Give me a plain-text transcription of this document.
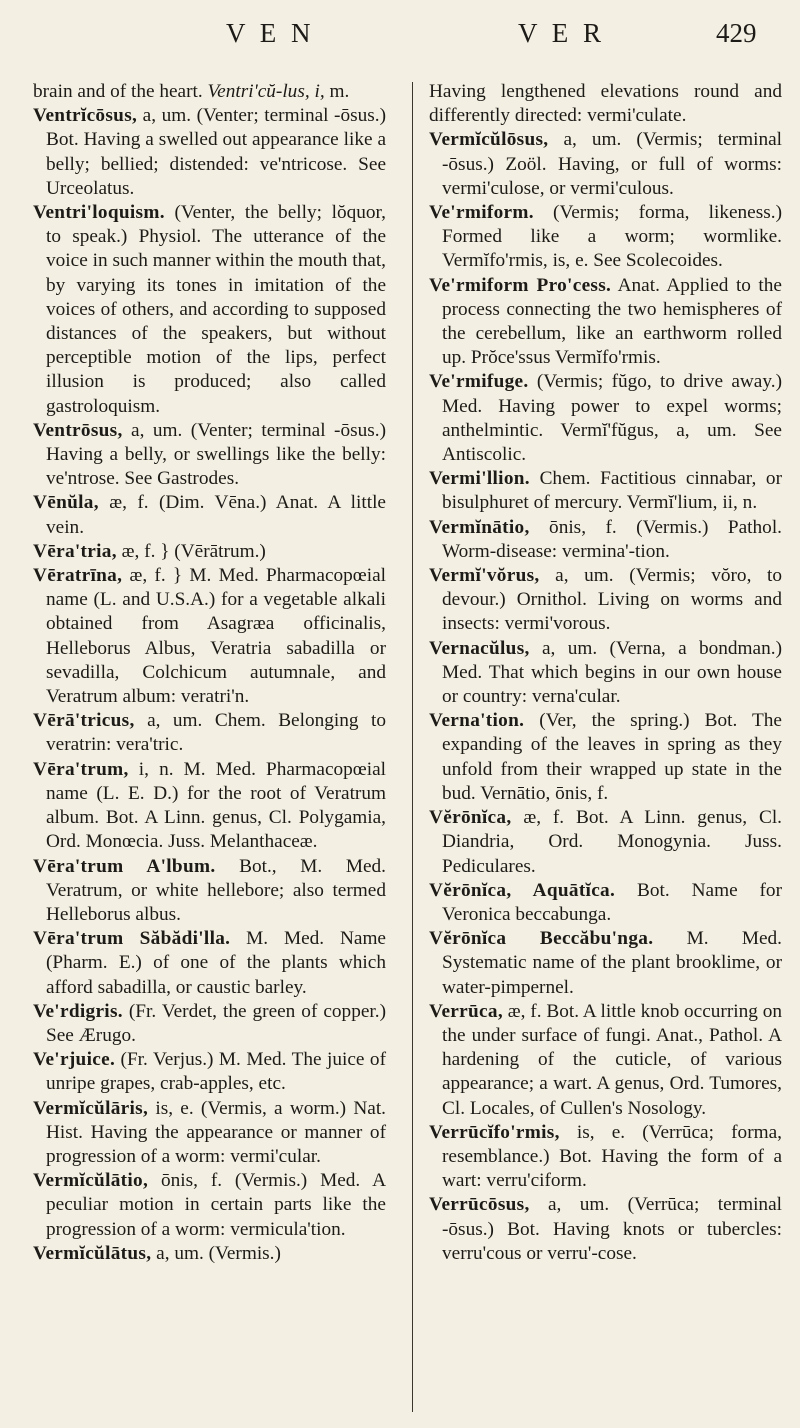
V E N	V E R	429

brain and of the heart. Ventri'cŭ-lus, i, m.

Ventrĭcōsus, a, um. (Venter; terminal -ōsus.) Bot. Having a swelled out appearance like a belly; bellied; distended: ve'ntricose. See Urceolatus.

Ventri'loquism. (Venter, the belly; lŏquor, to speak.) Physiol. The utterance of the voice in such manner within the mouth that, by varying its tones in imitation of the voices of others, and according to supposed distances of the speakers, but without perceptible motion of the lips, perfect illusion is produced; also called gastroloquism.

Ventrōsus, a, um. (Venter; terminal -ōsus.) Having a belly, or swellings like the belly: ve'ntrose. See Gastrodes.

Vēnŭla, æ, f. (Dim. Vēna.) Anat. A little vein.

Vēra'tria, æ, f. } (Vērātrum.)

Vēratrīna, æ, f. } M. Med. Pharmacopœial name (L. and U.S.A.) for a vegetable alkali obtained from Asagræa officinalis, Helleborus Albus, Veratria sabadilla or sevadilla, Colchicum autumnale, and Veratrum album: veratri'n.

Vērā'tricus, a, um. Chem. Belonging to veratrin: vera'tric.

Vēra'trum, i, n. M. Med. Pharmacopœial name (L. E. D.) for the root of Veratrum album. Bot. A Linn. genus, Cl. Polygamia, Ord. Monœcia. Juss. Melanthaceæ.

Vēra'trum A'lbum. Bot., M. Med. Veratrum, or white hellebore; also termed Helleborus albus.

Vēra'trum Săbădi'lla. M. Med. Name (Pharm. E.) of one of the plants which afford sabadilla, or caustic barley.

Ve'rdigris. (Fr. Verdet, the green of copper.) See Ærugo.

Ve'rjuice. (Fr. Verjus.) M. Med. The juice of unripe grapes, crab-apples, etc.

Vermĭcŭlāris, is, e. (Vermis, a worm.) Nat. Hist. Having the appearance or manner of progression of a worm: vermi'cular.

Vermĭcŭlātio, ōnis, f. (Vermis.) Med. A peculiar motion in certain parts like the progression of a worm: vermicula'tion.

Vermĭcŭlātus, a, um. (Vermis.)

Having lengthened elevations round and differently directed: vermi'culate.

Vermĭcŭlōsus, a, um. (Vermis; terminal -ōsus.) Zoöl. Having, or full of worms: vermi'culose, or vermi'culous.

Ve'rmiform. (Vermis; forma, likeness.) Formed like a worm; wormlike. Vermĭfo'rmis, is, e. See Scolecoides.

Ve'rmiform Pro'cess. Anat. Applied to the process connecting the two hemispheres of the cerebellum, like an earthworm rolled up. Prŏce'ssus Vermĭfo'rmis.

Ve'rmifuge. (Vermis; fŭgo, to drive away.) Med. Having power to expel worms; anthelmintic. Vermĭ'fŭgus, a, um. See Antiscolic.

Vermi'llion. Chem. Factitious cinnabar, or bisulphuret of mercury. Vermĭ'lium, ii, n.

Vermĭnātio, ōnis, f. (Vermis.) Pathol. Worm-disease: vermina'-tion.

Vermĭ'vŏrus, a, um. (Vermis; vŏro, to devour.) Ornithol. Living on worms and insects: vermi'vorous.

Vernacŭlus, a, um. (Verna, a bondman.) Med. That which begins in our own house or country: verna'cular.

Verna'tion. (Ver, the spring.) Bot. The expanding of the leaves in spring as they unfold from their wrapped up state in the bud. Vernātio, ōnis, f.

Vĕrōnĭca, æ, f. Bot. A Linn. genus, Cl. Diandria, Ord. Monogynia. Juss. Pediculares.

Vĕrōnĭca, Aquātĭca. Bot. Name for Veronica beccabunga.

Vĕrōnĭca Beccăbu'nga. M. Med. Systematic name of the plant brooklime, or water-pimpernel.

Verrūca, æ, f. Bot. A little knob occurring on the under surface of fungi. Anat., Pathol. A hardening of the cuticle, of various appearance; a wart. A genus, Ord. Tumores, Cl. Locales, of Cullen's Nosology.

Verrūcĭfo'rmis, is, e. (Verrūca; forma, resemblance.) Bot. Having the form of a wart: verru'ciform.

Verrūcōsus, a, um. (Verrūca; terminal -ōsus.) Bot. Having knots or tubercles: verru'cous or verru'-cose.
